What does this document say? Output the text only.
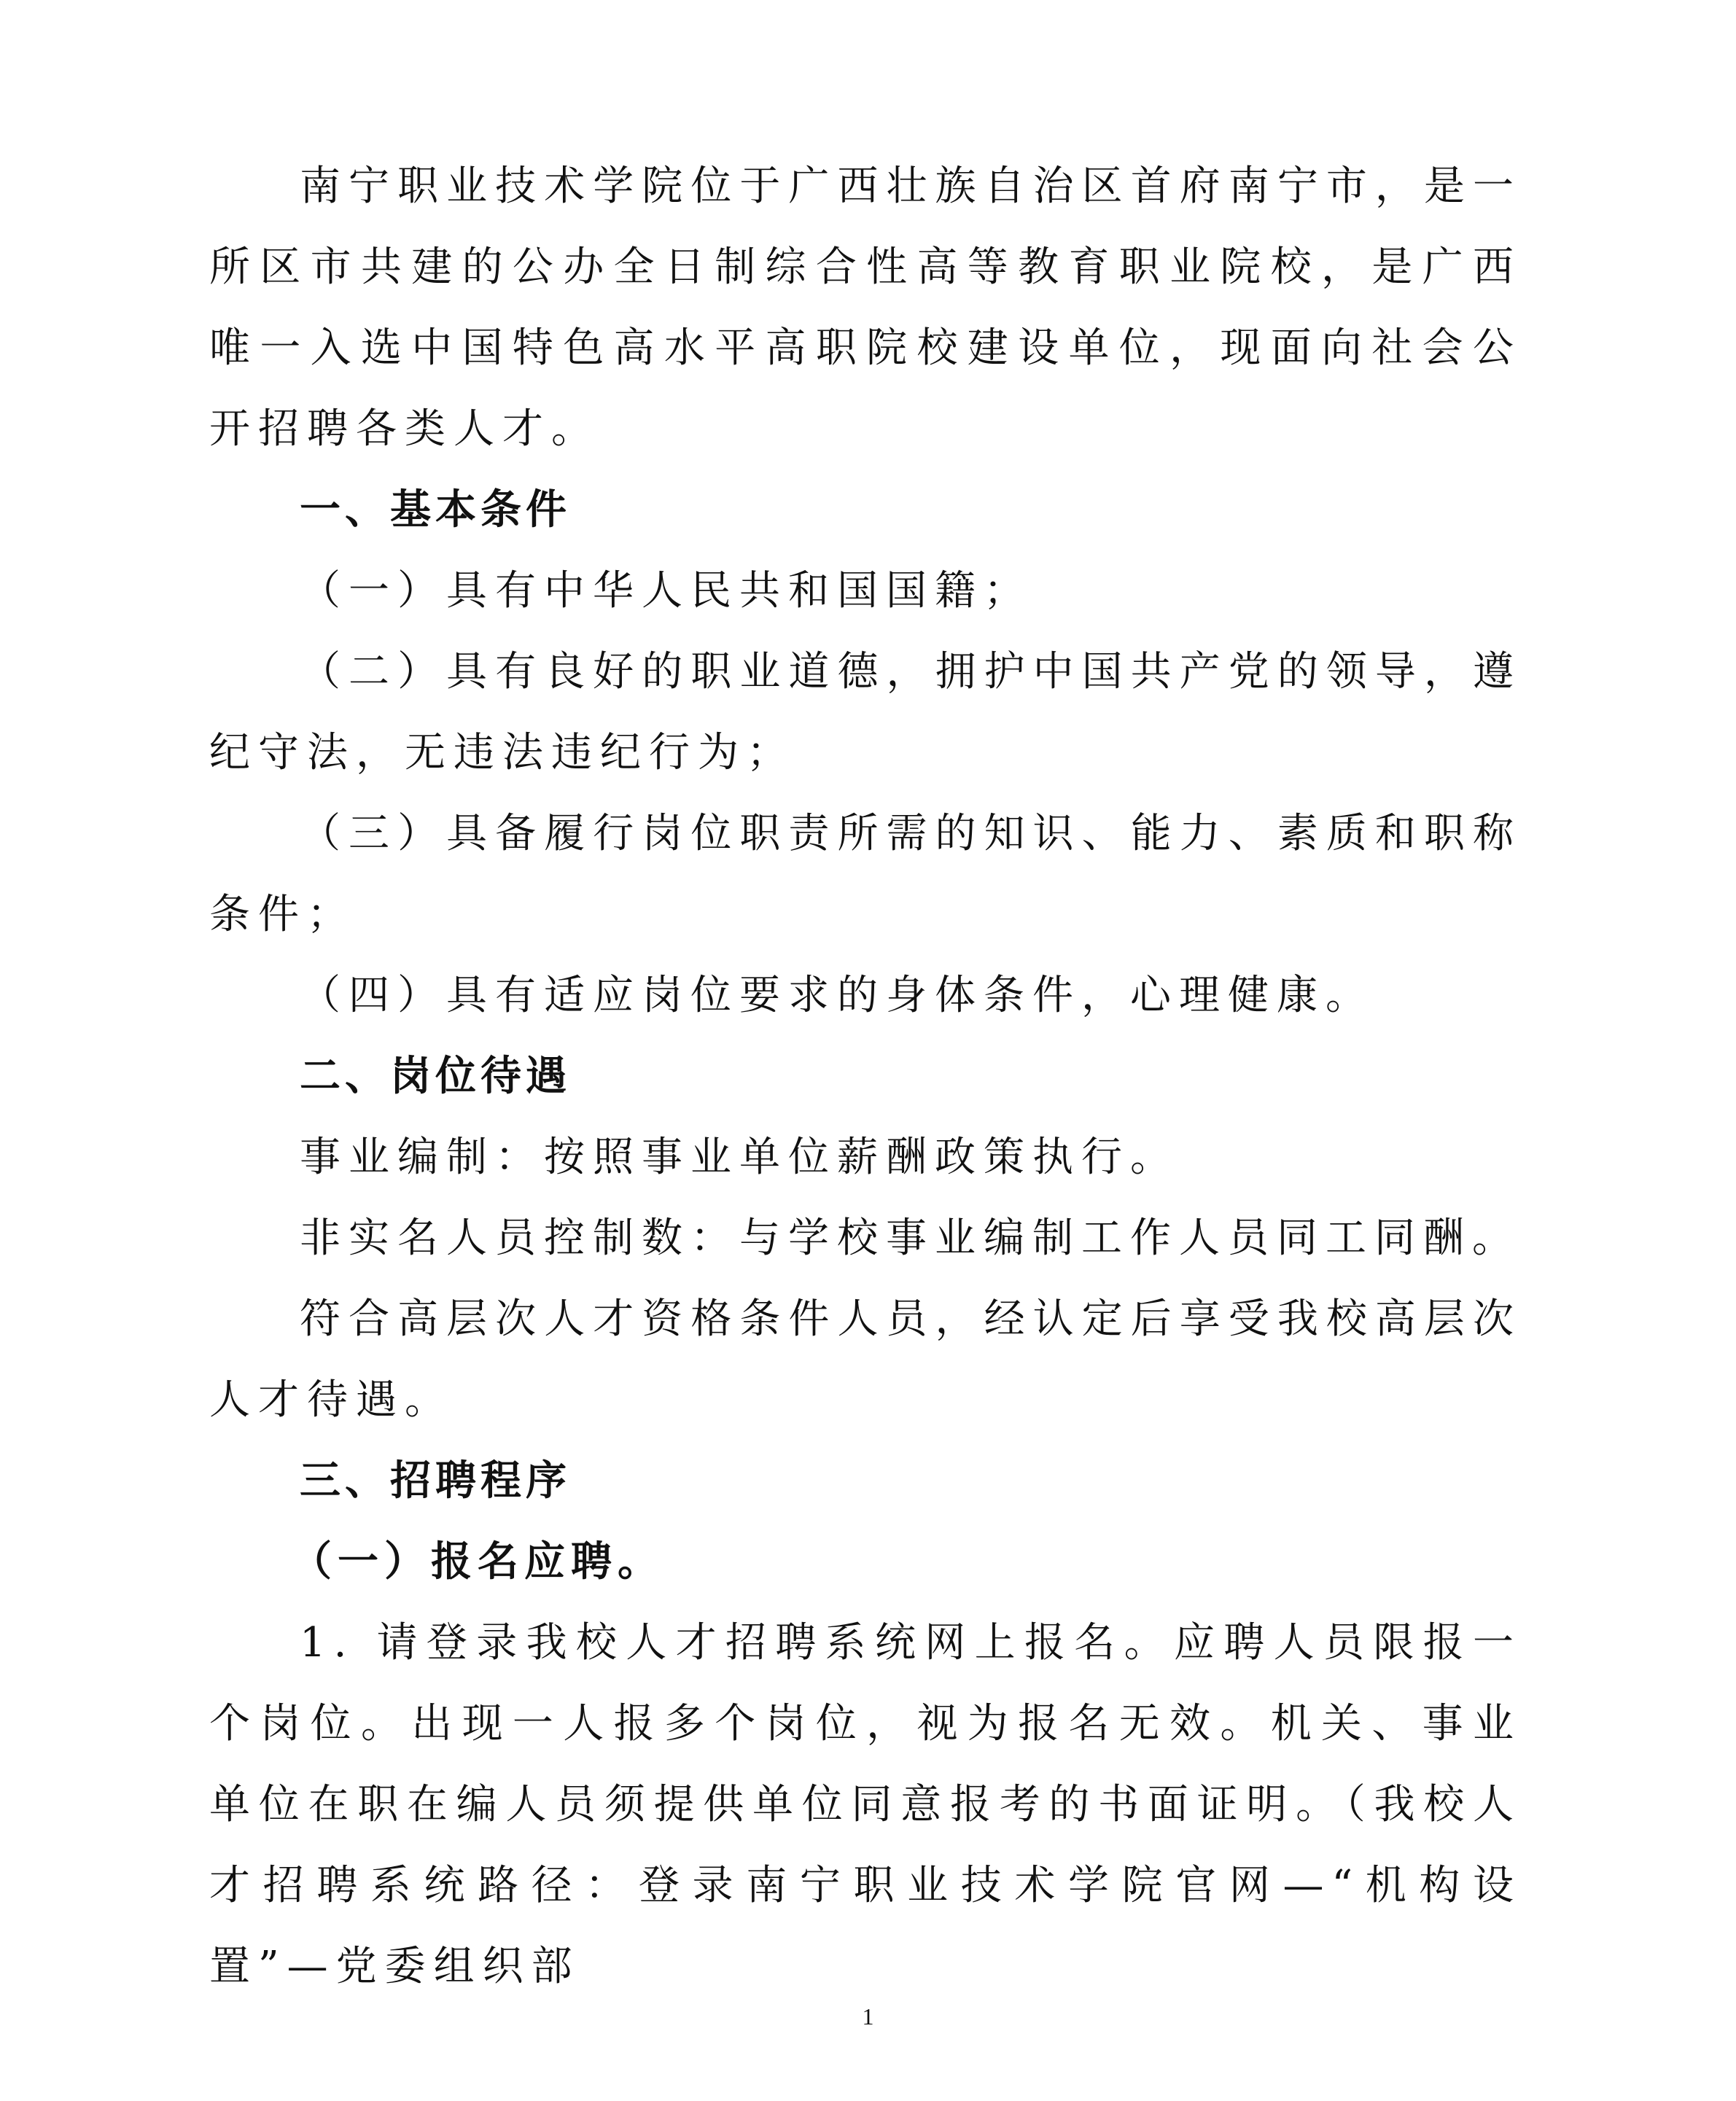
南宁职业技术学院位于广西壮族自治区首府南宁市，是一所区市共建的公办全日制综合性高等教育职业院校，是广西唯一入选中国特色高水平高职院校建设单位，现面向社会公开招聘各类人才。

一、基本条件

（一）具有中华人民共和国国籍；

（二）具有良好的职业道德，拥护中国共产党的领导，遵纪守法，无违法违纪行为；

（三）具备履行岗位职责所需的知识、能力、素质和职称条件；

（四）具有适应岗位要求的身体条件，心理健康。

二、岗位待遇

事业编制：按照事业单位薪酬政策执行。

非实名人员控制数：与学校事业编制工作人员同工同酬。

符合高层次人才资格条件人员，经认定后享受我校高层次人才待遇。

三、招聘程序
（一）报名应聘。

1. 请登录我校人才招聘系统网上报名。应聘人员限报一个岗位。出现一人报多个岗位，视为报名无效。机关、事业单位在职在编人员须提供单位同意报考的书面证明。（我校人才招聘系统路径：登录南宁职业技术学院官网—“机构设置”—党委组织部

1
